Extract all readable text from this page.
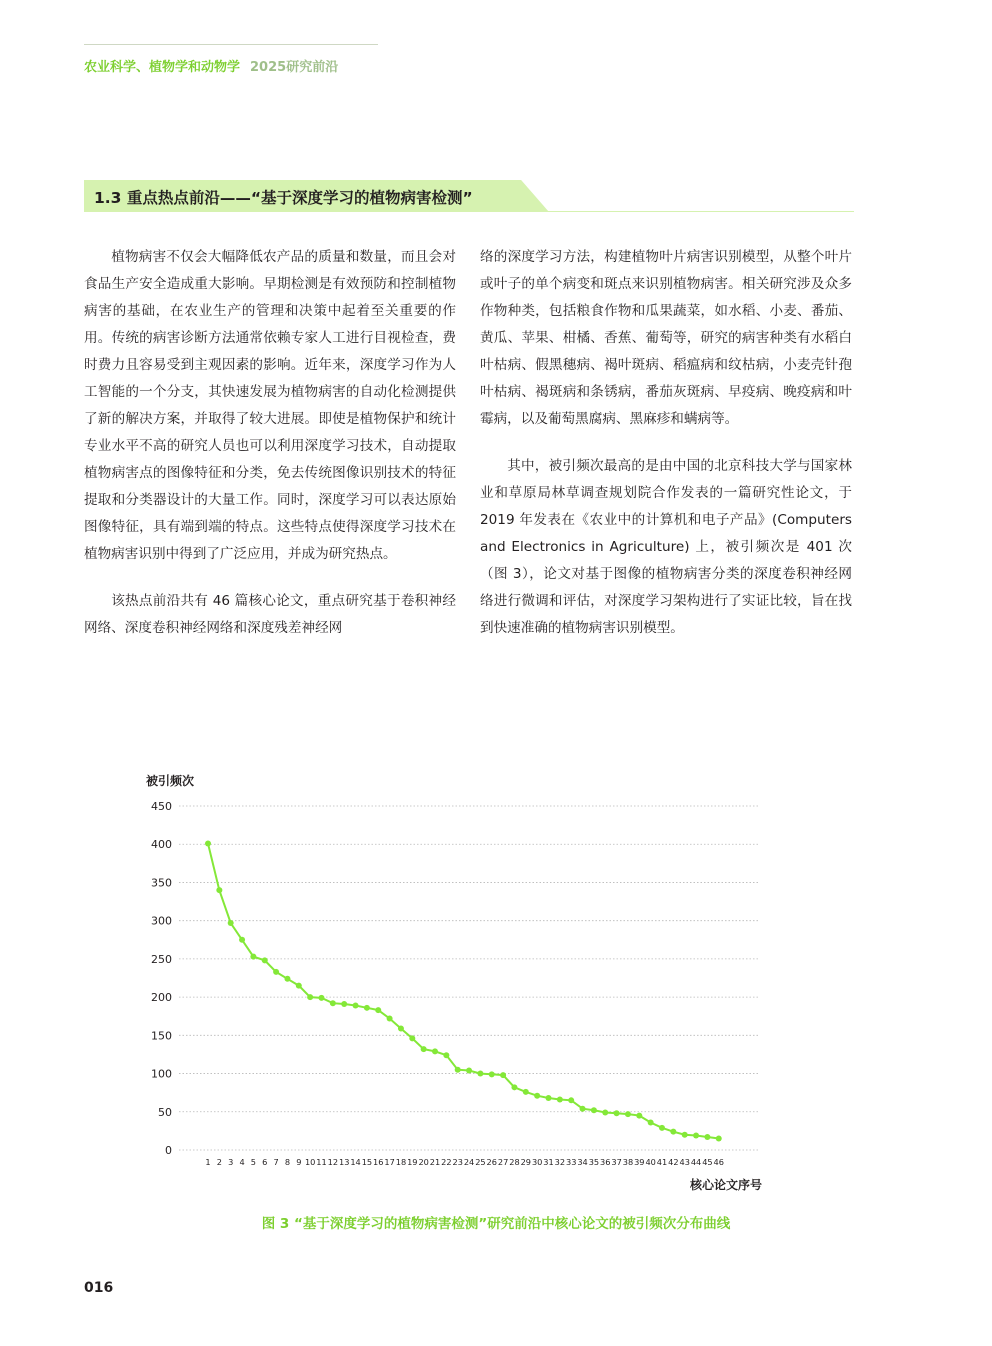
农业科学、植物学和动物学 2025研究前沿
1.3 重点热点前沿——“基于深度学习的植物病害检测”

植物病害不仅会大幅降低农产品的质量和数量，而且会对食品生产安全造成重大影响。早期检测是有效预防和控制植物病害的基础，在农业生产的管理和决策中起着至关重要的作用。传统的病害诊断方法通常依赖专家人工进行目视检查，费时费力且容易受到主观因素的影响。近年来，深度学习作为人工智能的一个分支，其快速发展为植物病害的自动化检测提供了新的解决方案，并取得了较大进展。即使是植物保护和统计专业水平不高的研究人员也可以利用深度学习技术，自动提取植物病害点的图像特征和分类，免去传统图像识别技术的特征提取和分类器设计的大量工作。同时，深度学习可以表达原始图像特征，具有端到端的特点。这些特点使得深度学习技术在植物病害识别中得到了广泛应用，并成为研究热点。

该热点前沿共有 46 篇核心论文，重点研究基于卷积神经网络、深度卷积神经网络和深度残差神经网

络的深度学习方法，构建植物叶片病害识别模型，从整个叶片或叶子的单个病变和斑点来识别植物病害。相关研究涉及众多作物种类，包括粮食作物和瓜果蔬菜，如水稻、小麦、番茄、黄瓜、苹果、柑橘、香蕉、葡萄等，研究的病害种类有水稻白叶枯病、假黑穗病、褐叶斑病、稻瘟病和纹枯病，小麦壳针孢叶枯病、褐斑病和条锈病，番茄灰斑病、早疫病、晚疫病和叶霉病，以及葡萄黑腐病、黑麻疹和螨病等。

其中，被引频次最高的是由中国的北京科技大学与国家林业和草原局林草调查规划院合作发表的一篇研究性论文，于 2019 年发表在《农业中的计算机和电子产品》(Computers and Electronics in Agriculture) 上，被引频次是 401 次（图 3），论文对基于图像的植物病害分类的深度卷积神经网络进行微调和评估，对深度学习架构进行了实证比较，旨在找到快速准确的植物病害识别模型。

0
50
100
150
200
250
300
350
400
450
被引频次
1 2 3 4 5 6 7 8 9 10 11 12 13 14 15 16 17 18 19 20 21 22 23 24 25 26 27 28 29 30 31 32 33 34 35 36 37 38 39 40 41 42 43 44 45 46
核心论文序号
图 3 “基于深度学习的植物病害检测”研究前沿中核心论文的被引频次分布曲线
016
